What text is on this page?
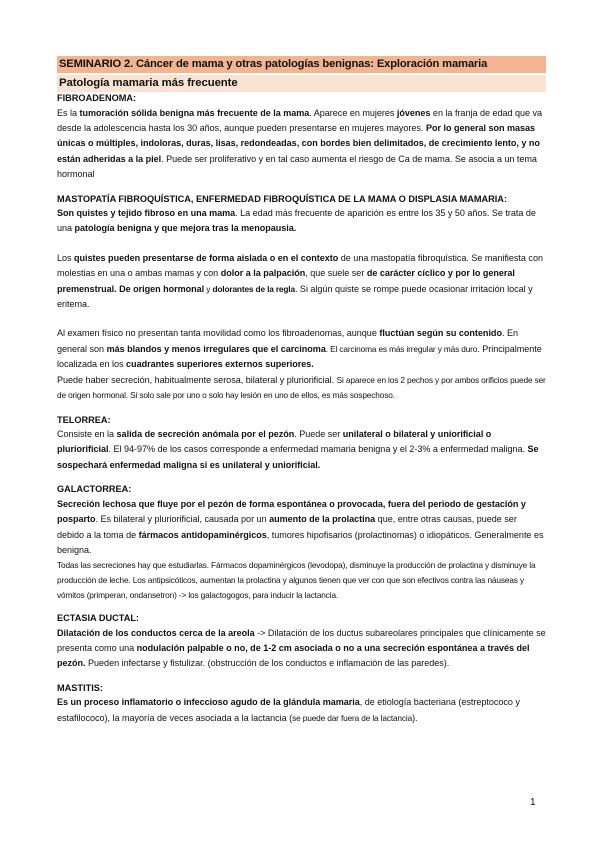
SEMINARIO 2. Cáncer de mama y otras patologías benignas: Exploración mamaria
Patología mamaria más frecuente
FIBROADENOMA:

Es la tumoración sólida benigna más frecuente de la mama. Aparece en mujeres jóvenes en la franja de edad que va desde la adolescencia hasta los 30 años, aunque pueden presentarse en mujeres mayores. Por lo general son masas únicas o múltiples, indoloras, duras, lisas, redondeadas, con bordes bien delimitados, de crecimiento lento, y no están adheridas a la piel. Puede ser proliferativo y en tal caso aumenta el riesgo de Ca de mama. Se asocia a un tema hormonal

MASTOPATÍA FIBROQUÍSTICA, ENFERMEDAD FIBROQUÍSTICA DE LA MAMA O DISPLASIA MAMARIA:

Son quistes y tejido fibroso en una mama. La edad más frecuente de aparición es entre los 35 y 50 años. Se trata de una patología benigna y que mejora tras la menopausia.

Los quistes pueden presentarse de forma aislada o en el contexto de una mastopatía fibroquística. Se manifiesta con molestias en una o ambas mamas y con dolor a la palpación, que suele ser de carácter cíclico y por lo general premenstrual. De origen hormonal y dolorantes de la regla. Si algún quiste se rompe puede ocasionar irritación local y eritema.

Al examen físico no presentan tanta movilidad como los fibroadenomas, aunque fluctúan según su contenido. En general son más blandos y menos irregulares que el carcinoma. El carcinoma es más irregular y más duro. Principalmente localizada en los cuadrantes superiores externos superiores.
Puede haber secreción, habitualmente serosa, bilateral y pluriorificial. Si aparece en los 2 pechos y por ambos orificios puede ser de origen hormonal. Si solo sale por uno o solo hay lesión en uno de ellos, es más sospechoso.

TELORREA:

Consiste en la salida de secreción anómala por el pezón. Puede ser unilateral o bilateral y uniorificial o pluriorificial. El 94-97% de los casos corresponde a enfermedad mamaria benigna y el 2-3% a enfermedad maligna. Se sospechará enfermedad maligna si es unilateral y uniorificial.

GALACTORREA:

Secreción lechosa que fluye por el pezón de forma espontánea o provocada, fuera del periodo de gestación y posparto. Es bilateral y pluriorificial, causada por un aumento de la prolactina que, entre otras causas, puede ser debido a la toma de fármacos antidopaminérgicos, tumores hipofisarios (prolactinomas) o idiopáticos. Generalmente es benigna.

Todas las secreciones hay que estudiarlas. Fármacos dopaminérgicos (levodopa), disminuye la producción de prolactina y disminuye la producción de leche. Los antipsicóticos, aumentan la prolactina y algunos tienen que ver con que son efectivos contra las náuseas y vómitos (primperan, ondansetron) -> los galactogogos, para inducir la lactancia.

ECTASIA DUCTAL:

Dilatación de los conductos cerca de la areola -> Dilatación de los ductus subareolares principales que clínicamente se presenta como una nodulación palpable o no, de 1-2 cm asociada o no a una secreción espontánea a través del pezón. Pueden infectarse y fistulizar. (obstrucción de los conductos e inflamación de las paredes).

MASTITIS:

Es un proceso inflamatorio o infeccioso agudo de la glándula mamaria, de etiología bacteriana (estreptococo y estafilococo), la mayoría de veces asociada a la lactancia (se puede dar fuera de la lactancia).

1
